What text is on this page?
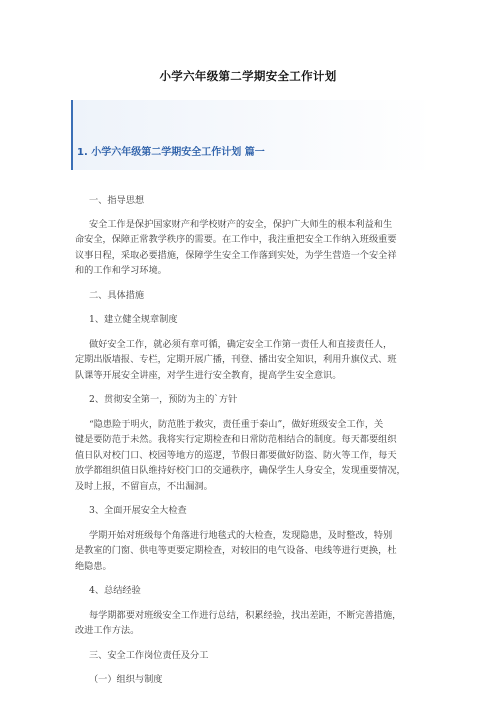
小学六年级第二学期安全工作计划
1. 小学六年级第二学期安全工作计划 篇一
一、指导思想
安全工作是保护国家财产和学校财产的安全，保护广大师生的根本利益和生
命安全，保障正常教学秩序的需要。在工作中，我注重把安全工作纳入班级重要
议事日程，采取必要措施，保障学生安全工作落到实处，为学生营造一个安全祥
和的工作和学习环境。
二、具体措施
1、建立健全规章制度
做好安全工作，就必须有章可循，确定安全工作第一责任人和直接责任人，
定期出版墙报、专栏，定期开展广播，刊登、播出安全知识，利用升旗仪式、班
队课等开展安全讲座，对学生进行安全教育，提高学生安全意识。
2、贯彻安全第一，预防为主的`方针
“隐患险于明火，防范胜于救灾，责任重于泰山”，做好班级安全工作，关
键是要防范于未然。我将实行定期检查和日常防范相结合的制度。每天都要组织
值日队对校门口、校园等地方的巡逻，节假日都要做好防盗、防火等工作，每天
放学都组织值日队维持好校门口的交通秩序，确保学生人身安全，发现重要情况，
及时上报，不留盲点，不出漏洞。
3、全面开展安全大检查
学期开始对班级每个角落进行地毯式的大检查，发现隐患，及时整改，特别
是教室的门窗、供电等更要定期检查，对较旧的电气设备、电线等进行更换，杜
绝隐患。
4、总结经验
每学期都要对班级安全工作进行总结，积累经验，找出差距，不断完善措施，
改进工作方法。
三、安全工作岗位责任及分工
（一）组织与制度
